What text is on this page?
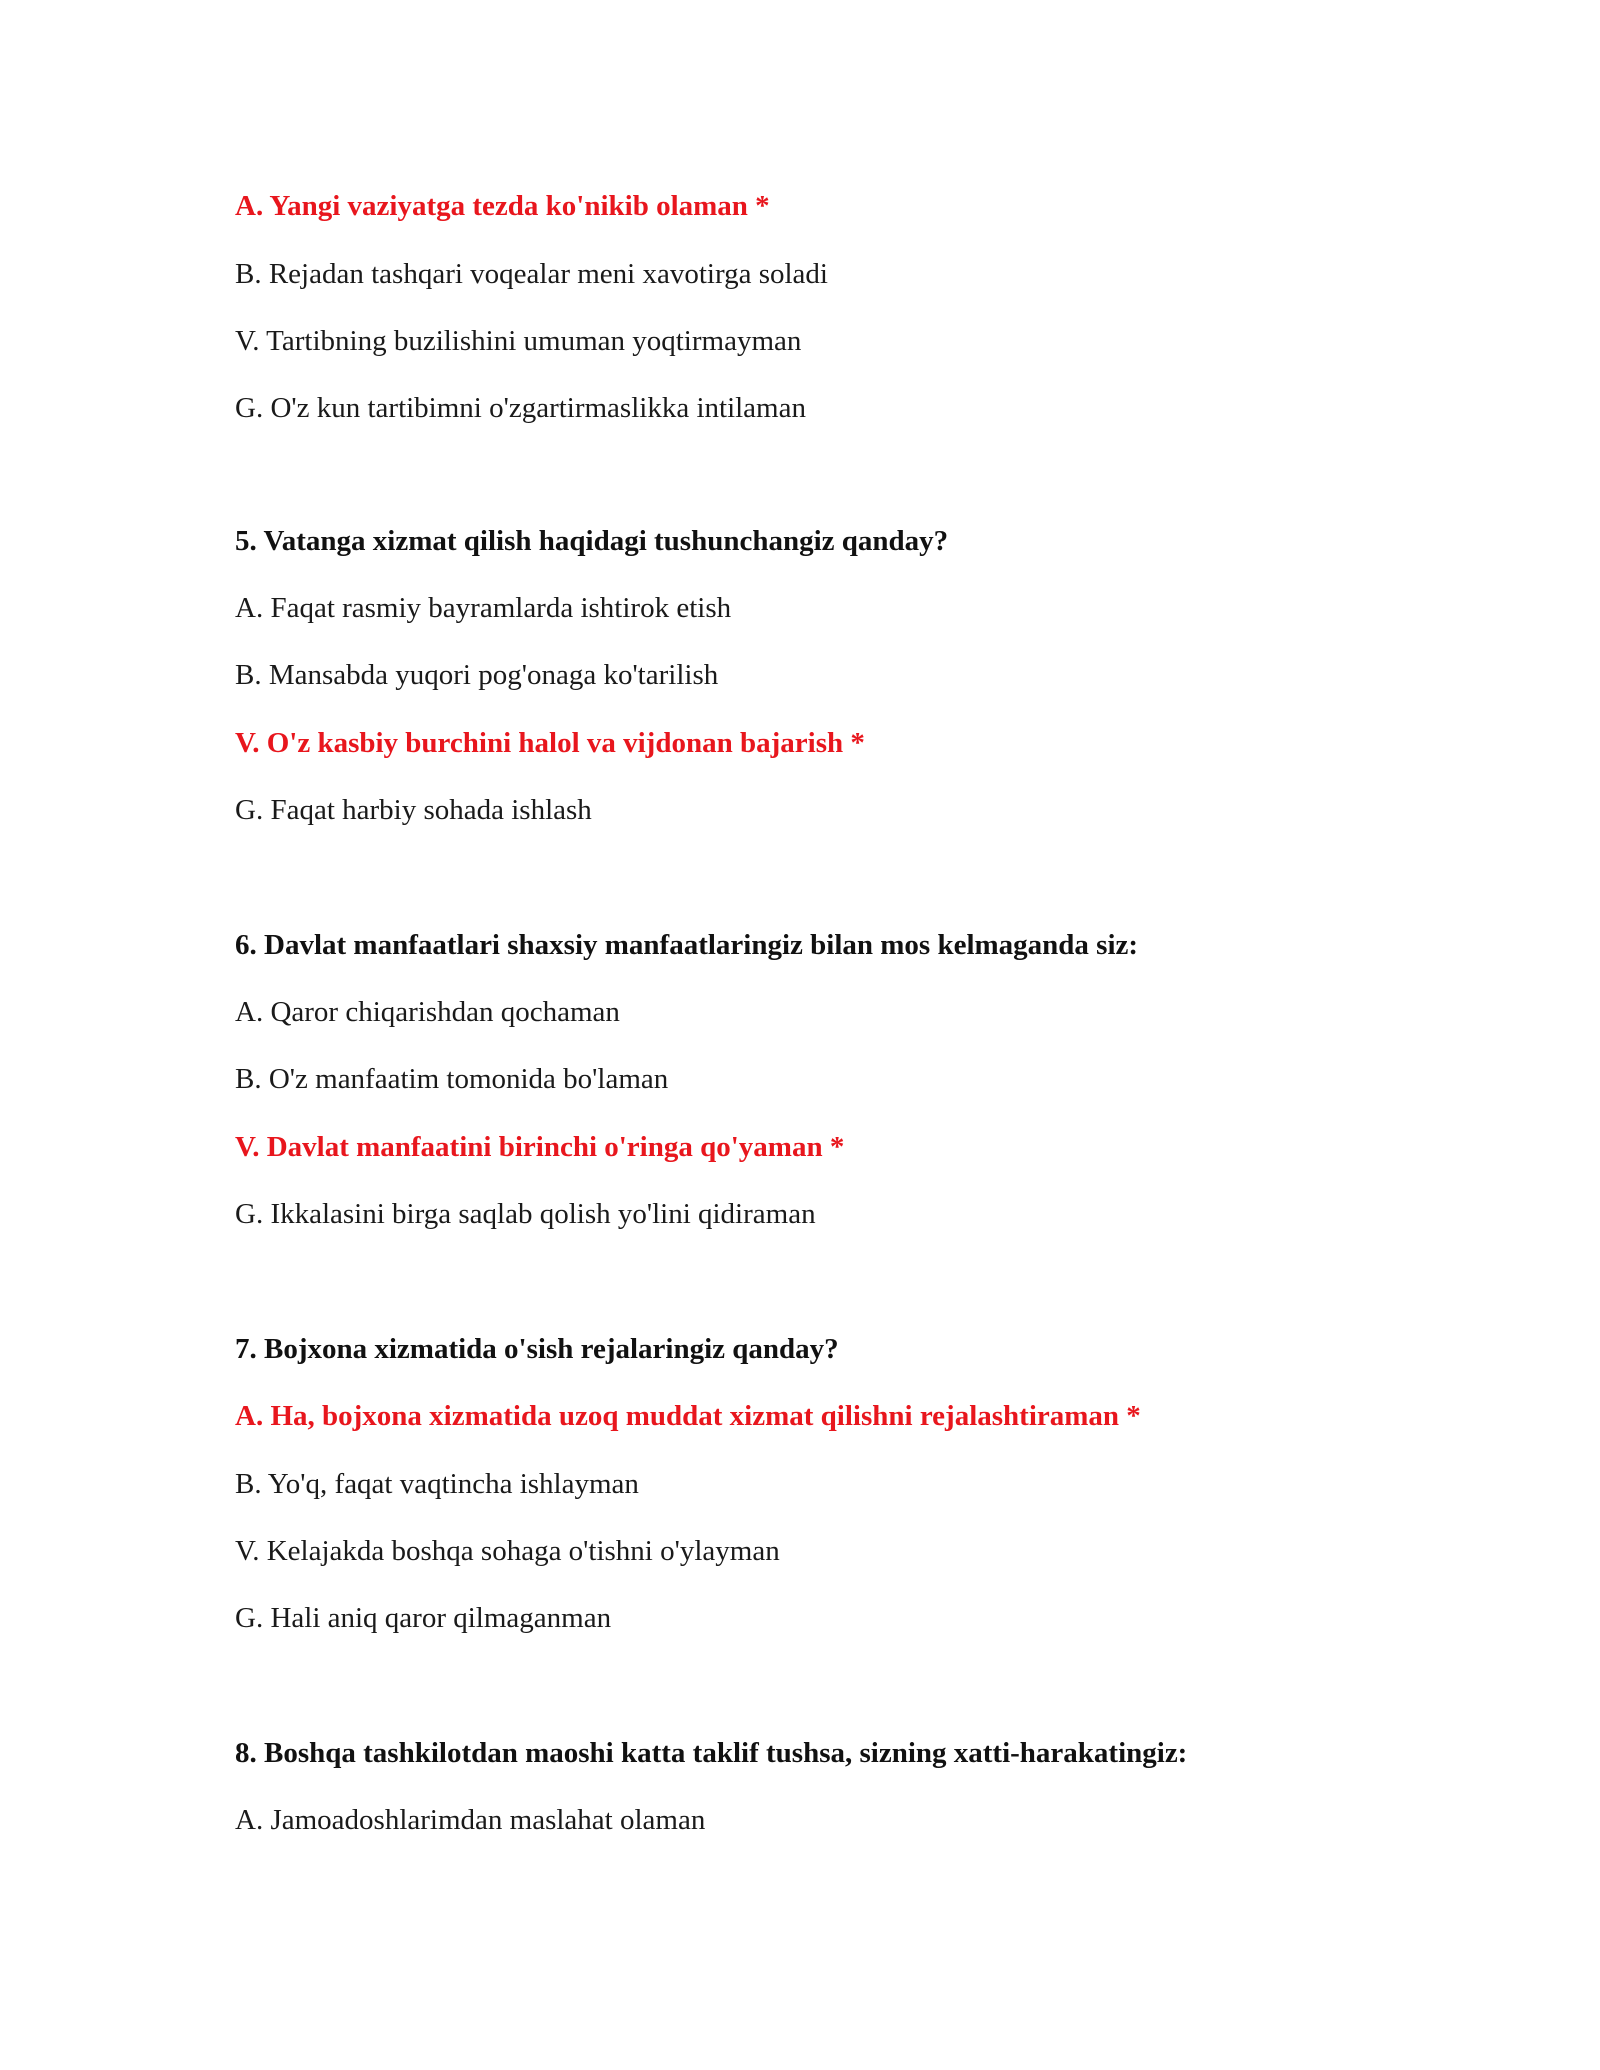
A. Yangi vaziyatga tezda ko'nikib olaman *

B. Rejadan tashqari voqealar meni xavotirga soladi

V. Tartibning buzilishini umuman yoqtirmayman

G. O'z kun tartibimni o'zgartirmaslikka intilaman

5. Vatanga xizmat qilish haqidagi tushunchangiz qanday?

A. Faqat rasmiy bayramlarda ishtirok etish

B. Mansabda yuqori pog'onaga ko'tarilish

V. O'z kasbiy burchini halol va vijdonan bajarish *

G. Faqat harbiy sohada ishlash

6. Davlat manfaatlari shaxsiy manfaatlaringiz bilan mos kelmaganda siz:

A. Qaror chiqarishdan qochaman

B. O'z manfaatim tomonida bo'laman

V. Davlat manfaatini birinchi o'ringa qo'yaman *

G. Ikkalasini birga saqlab qolish yo'lini qidiraman

7. Bojxona xizmatida o'sish rejalaringiz qanday?

A. Ha, bojxona xizmatida uzoq muddat xizmat qilishni rejalashtiraman *

B. Yo'q, faqat vaqtincha ishlayman

V. Kelajakda boshqa sohaga o'tishni o'ylayman

G. Hali aniq qaror qilmaganman

8. Boshqa tashkilotdan maoshi katta taklif tushsa, sizning xatti-harakatingiz:

A. Jamoadoshlarimdan maslahat olaman
